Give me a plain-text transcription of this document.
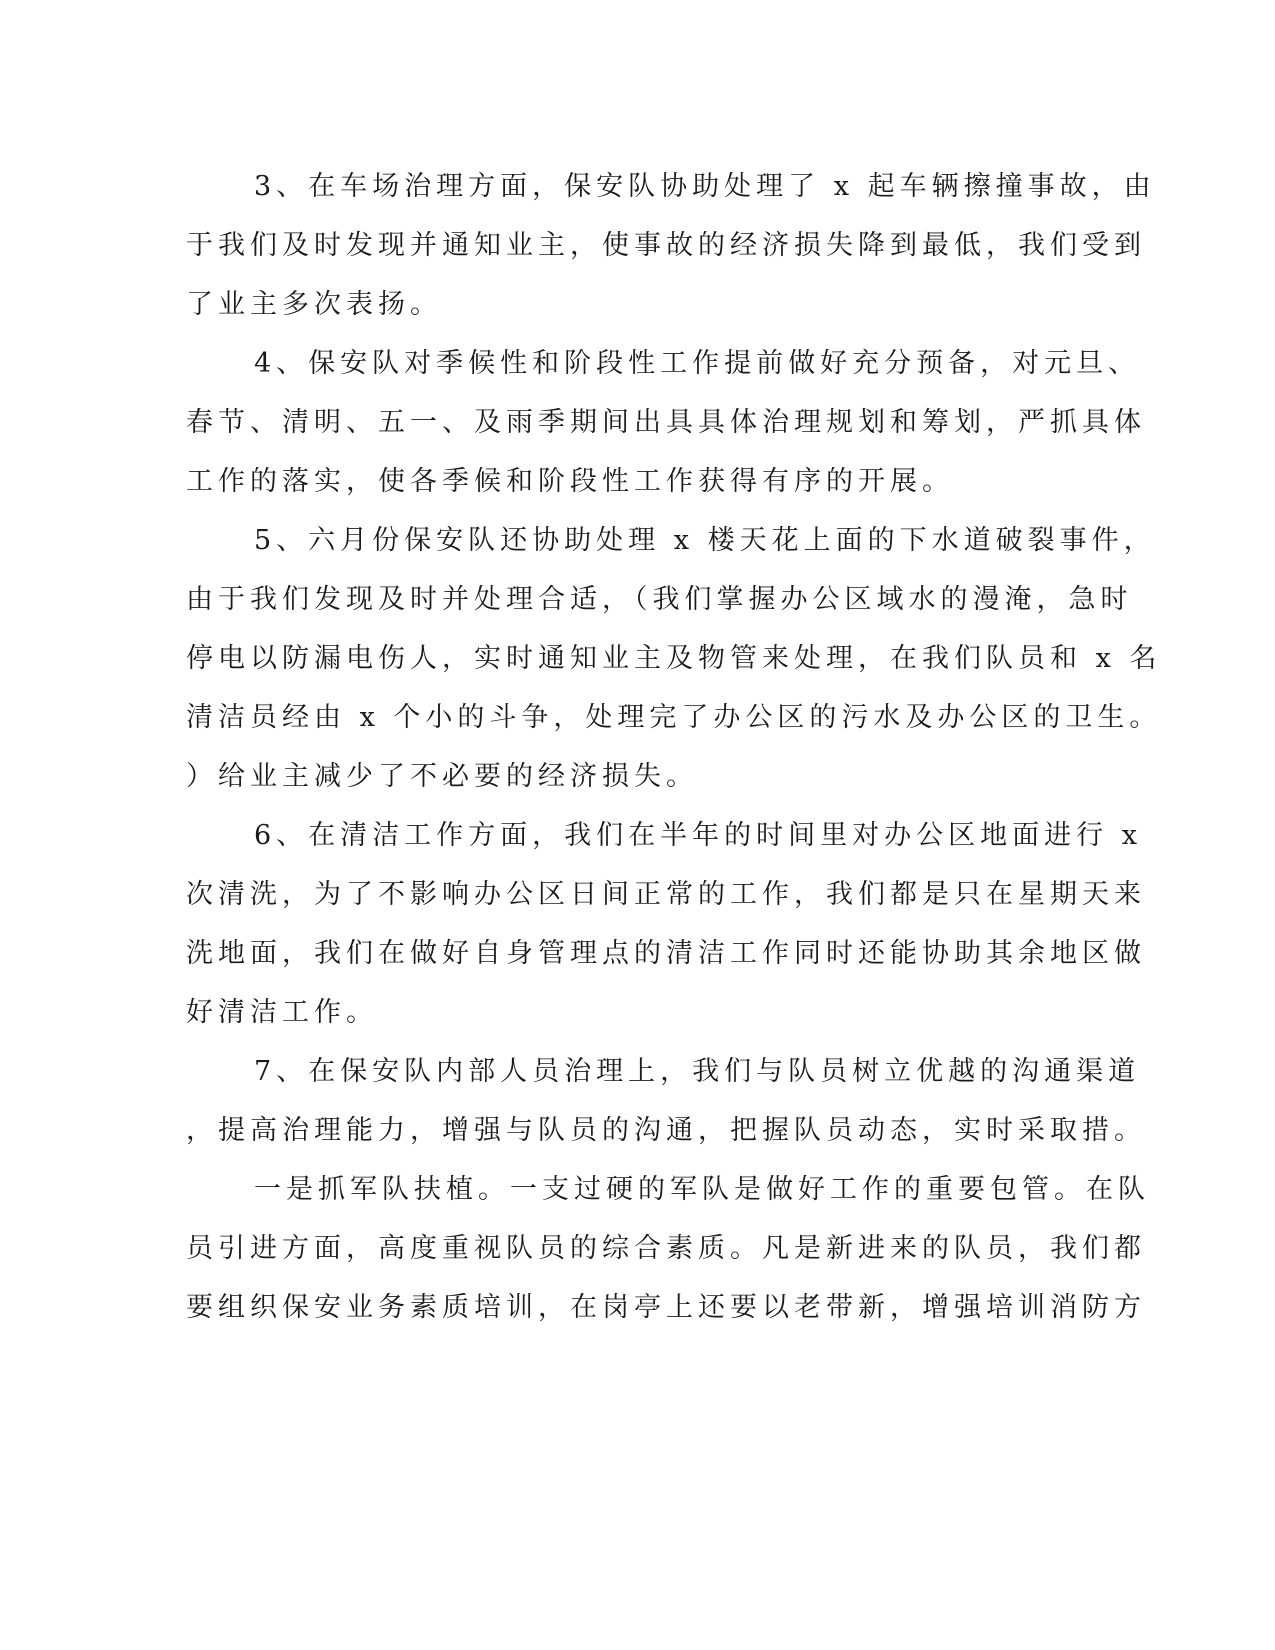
3、在车场治理方面，保安队协助处理了 x 起车辆擦撞事故，由
于我们及时发现并通知业主，使事故的经济损失降到最低，我们受到
了业主多次表扬。

4、保安队对季候性和阶段性工作提前做好充分预备，对元旦、
春节、清明、五一、及雨季期间出具具体治理规划和筹划，严抓具体
工作的落实，使各季候和阶段性工作获得有序的开展。

5、六月份保安队还协助处理 x 楼天花上面的下水道破裂事件，
由于我们发现及时并处理合适，（我们掌握办公区域水的漫淹，急时
停电以防漏电伤人，实时通知业主及物管来处理，在我们队员和 x 名
清洁员经由 x 个小的斗争，处理完了办公区的污水及办公区的卫生。
）给业主减少了不必要的经济损失。

6、在清洁工作方面，我们在半年的时间里对办公区地面进行 x
次清洗，为了不影响办公区日间正常的工作，我们都是只在星期天来
洗地面，我们在做好自身管理点的清洁工作同时还能协助其余地区做
好清洁工作。

7、在保安队内部人员治理上，我们与队员树立优越的沟通渠道
，提高治理能力，增强与队员的沟通，把握队员动态，实时采取措。

一是抓军队扶植。一支过硬的军队是做好工作的重要包管。在队
员引进方面，高度重视队员的综合素质。凡是新进来的队员，我们都
要组织保安业务素质培训，在岗亭上还要以老带新，增强培训消防方
